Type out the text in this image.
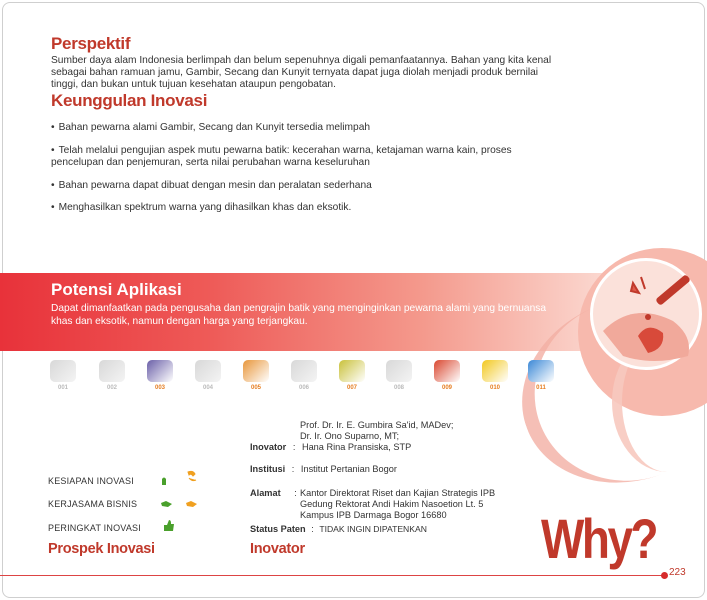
Perspektif
Sumber daya alam Indonesia berlimpah dan belum sepenuhnya digali pemanfaatannya. Bahan yang kita kenal
sebagai bahan ramuan jamu, Gambir, Secang dan Kunyit ternyata dapat juga diolah menjadi produk bernilai
tinggi, dan bukan untuk tujuan kesehatan ataupun pengobatan.
Keunggulan Inovasi
• Bahan pewarna alami Gambir, Secang dan Kunyit tersedia melimpah
• Telah melalui pengujian aspek mutu pewarna batik: kecerahan warna, ketajaman warna kain, proses
pencelupan dan penjemuran, serta nilai perubahan warna keseluruhan
• Bahan pewarna dapat dibuat dengan mesin dan peralatan sederhana
• Menghasilkan spektrum warna yang dihasilkan khas dan eksotik.
Potensi Aplikasi
Dapat dimanfaatkan pada pengusaha dan pengrajin batik yang menginginkan pewarna alami yang bernuansa
khas dan eksotik, namun dengan harga yang terjangkau.
001	002	003	004	005	006	007	008	009	010	011
Prof. Dr. Ir. E. Gumbira Sa'id, MADev;
Dr. Ir. Ono Suparno, MT;
Inovator : Hana Rina Pransiska, STP
Institusi : Institut Pertanian Bogor
Alamat : Kantor Direktorat Riset dan Kajian Strategis IPB
Gedung Rektorat Andi Hakim Nasoetion Lt. 5
Kampus IPB Darmaga Bogor 16680
Status Paten : TIDAK INGIN DIPATENKAN
KESIAPAN INOVASI
KERJASAMA BISNIS
PERINGKAT INOVASI
Prospek Inovasi	Inovator	Why?
223
